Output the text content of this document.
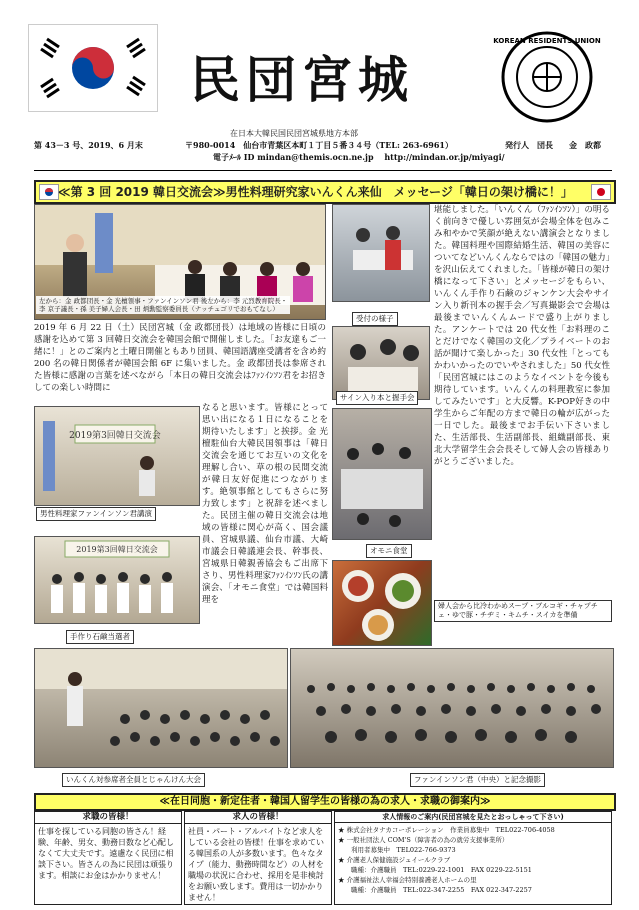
民団宮城
KOREAN RESIDENTS UNION
在日本大韓民国民団宮城県地方本部
第 43－3 号、2019、6 月末	〒980-0014　仙台市青葉区本町１丁目５番３４号（TEL: 263-6961）	発行人　団長　　金　政都
電子ﾒｰﾙ ID mindan@themis.ocn.ne.jp　 http://mindan.or.jp/miyagi/
≪第 3 回 2019 韓日交流会≫男性料理研究家いんくん来仙　メッセージ「韓日の架け橋に！」
左から：金 政都団長・金 光檀領事・ファンインソン君 後左から：李 元烈教育院長・
李 京子議長・孫 美子婦人会長・田 炳勳監察委員長（ナッチュゴリでおもてなし）
受付の様子
サイン入り本と握手会
2019 年 6 月 22 日（土）民団宮城（金 政都団長）は地域の皆様に日頃の感謝を込めて第 3 回韓日交流会を韓国会館で開催しました。「お友達もご一緒に！」とのご案内と土曜日開催ともあり団員、韓国語講座受講者を含め約 200 名の韓日関係者が韓国会館 6F に集いました。金 政都団長は参席された皆様に感謝の言葉を述べながら「本日の韓日交流会はﾌｧﾝｲﾝｿﾝ君をお招きしての楽しい時間に
2019第3回韓日交流会
男性料理家ファンインソン君講演
なると思います。皆様にとって思い出になる１日になることを期待いたします」と挨拶。金 光檀駐仙台大韓民国領事は「韓日交流会を通じてお互いの文化を理解し合い、草の根の民間交流が韓日友好促進につながります。絶領事館としてもさらに努力致します」と祝辞を述べました。民団主催の韓日交流会は地域の皆様に関心が高く、国会議員、宮城県議、仙台市議、大崎市議会日韓議連会長、幹事長、宮城県日韓親善協会もご出席下さり、男性料理家ﾌｧﾝｲﾝｿﾝ氏の講演会、「オモニ食堂」では韓国料理を
オモニ食堂
2019第3回韓日交流会
手作り石鹸当選者
婦人会から比冷わかめスープ・ブルコギ・チャプチェ・ゆで豚・チヂミ・キムチ・スイカを準備
堪能しました。「いんくん（ﾌｧﾝｲﾝｿﾝ）」の明るく前向きで優しい雰囲気が会場全体を包みこみ和やかで笑顔が絶えない講演会となりました。韓国料理や国際結婚生活、韓国の美容についてなどいんくんならではの「韓国の魅力」を沢山伝えてくれました。「皆様が韓日の架け橋になって下さい」とメッセージをもらい、いんくん手作り石鹸のジャンケン大会やサイン入り新刊本の握手会／写真撮影会で会場は最後までいんくんムードで盛り上がりました。アンケートでは 20 代女性「お料理のことだけでなく韓国の文化／プライベートのお話が聞けて楽しかった」30 代女性「とってもかわいかったのでいやされました」50 代女性「民団宮城にはこのようなイベントを今後も期待しています。いんくんの料理教室に参加してみたいです」と大反響。K-POP好きの中学生からご年配の方まで韓日の輪が広がった一日でした。最後までお手伝い下さいました、生活部長、生活副部長、組織副部長、東北大学留学生会会長そして婦人会の皆様ありがとうございました。
いんくん対参席者全員とじゃんけん大会	ファンインソン君（中央）と記念撮影
≪在日同胞・新定住者・韓国人留学生の皆様の為の求人・求職の御案内≫
求職の皆様！
仕事を探している同胞の皆さん！経験、年齢、男女、動務日数など心配しなくて大丈夫です。遠慮なく民団に相談下さい。皆さんの為に民団は頑張ります。相談にお金はかかりません！
求人の皆様！
社員・パート・アルバイトなど求人をしている会社の皆様！仕事を求めている韓国系の人が多数います。色々なタイプ（能力、動務時間など）の人材を職場の状況に合わせ、採用を是非検討をお願い致します。費用は一切かかりません！
求人情報のご案内(民団宮城を見たとおっしゃって下さい)
★ 株式会社タナカコーポレーション　作業員募集中　TEL022-706-4058
★ 一般社団法人 COM'S（障害者の為の就労支援事業所）
　　利用者募集中　TEL022-766-9373
★ 介護老人保健施設ジュイールクラブ
　　職種：介護職員　TEL:0229-22-1001　FAX 0229-22-5151
★ 介護福祉法人幸福会特別養護老人ホームの里
　　職種：介護職員　TEL:022-347-2255　FAX 022-347-2257
